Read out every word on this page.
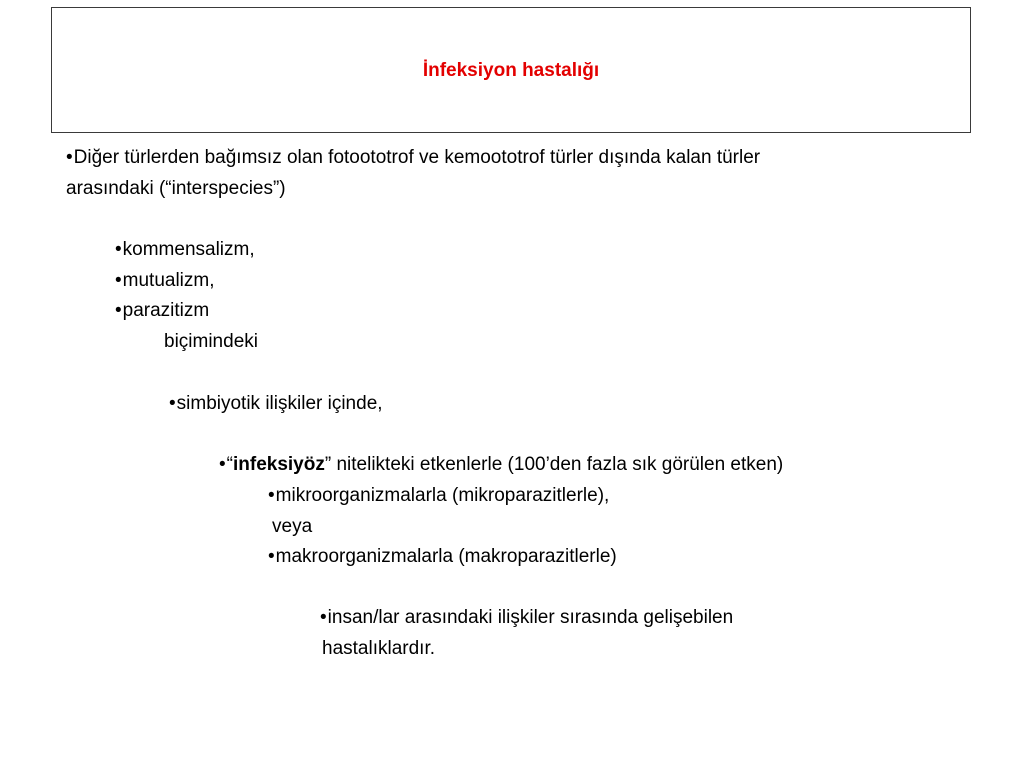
İnfeksiyon hastalığı
•Diğer türlerden bağımsız olan fotoototrof ve kemoototrof türler dışında kalan türler
arasındaki (“interspecies”)
•kommensalizm,
•mutualizm,
•parazitizm
biçimindeki
•simbiyotik ilişkiler içinde,
•“infeksiyöz” nitelikteki etkenlerle (100’den fazla sık görülen etken)
•mikroorganizmalarla (mikroparazitlerle),
veya
•makroorganizmalarla (makroparazitlerle)
•insan/lar arasındaki ilişkiler sırasında gelişebilen
hastalıklardır.
